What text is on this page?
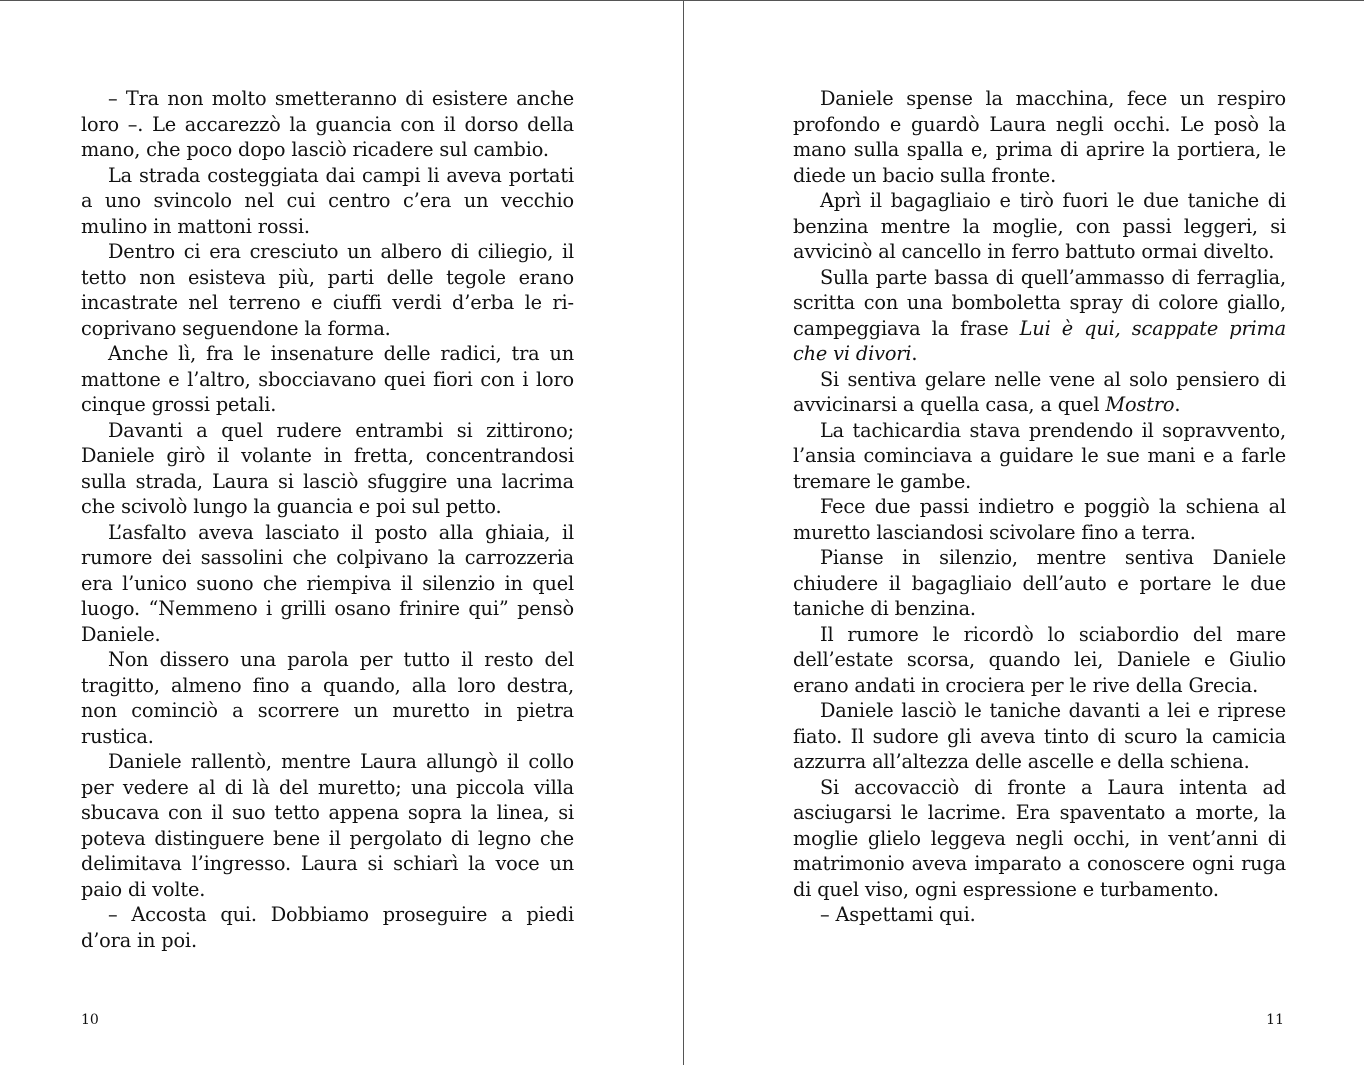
– Tra non molto smetteranno di esistere anche loro –. Le accarezzò la guancia con il dorso della mano, che poco dopo lasciò ricadere sul cambio.

La strada costeggiata dai campi li aveva portati a uno svincolo nel cui centro c’era un vecchio mulino in mattoni rossi.

Dentro ci era cresciuto un albero di ciliegio, il tetto non esisteva più, parti delle tegole erano incastrate nel terreno e ciuffi verdi d’erba le ricoprivano seguendone la forma.

Anche lì, fra le insenature delle radici, tra un mattone e l’altro, sbocciavano quei fiori con i loro cinque grossi petali.

Davanti a quel rudere entrambi si zittirono; Daniele girò il volante in fretta, concentrandosi sulla strada, Laura si lasciò sfuggire una lacrima che scivolò lungo la guancia e poi sul petto.

L’asfalto aveva lasciato il posto alla ghiaia, il rumore dei sassolini che colpivano la carrozzeria era l’unico suono che riempiva il silenzio in quel luogo. “Nemmeno i grilli osano frinire qui” pensò Daniele.

Non dissero una parola per tutto il resto del tragitto, almeno fino a quando, alla loro destra, non cominciò a scorrere un muretto in pietra rustica.

Daniele rallentò, mentre Laura allungò il collo per vedere al di là del muretto; una piccola villa sbucava con il suo tetto appena sopra la linea, si poteva distinguere bene il pergolato di legno che delimitava l’ingresso. Laura si schiarì la voce un paio di volte.

– Accosta qui. Dobbiamo proseguire a piedi d’ora in poi.

10

Daniele spense la macchina, fece un respiro profondo e guardò Laura negli occhi. Le posò la mano sulla spalla e, prima di aprire la portiera, le diede un bacio sulla fronte.

Aprì il bagagliaio e tirò fuori le due taniche di benzina mentre la moglie, con passi leggeri, si avvicinò al cancello in ferro battuto ormai divelto.

Sulla parte bassa di quell’ammasso di ferraglia, scritta con una bomboletta spray di colore giallo, campeggiava la frase Lui è qui, scappate prima che vi divori.

Si sentiva gelare nelle vene al solo pensiero di avvicinarsi a quella casa, a quel Mostro.

La tachicardia stava prendendo il sopravvento, l’ansia cominciava a guidare le sue mani e a farle tremare le gambe.

Fece due passi indietro e poggiò la schiena al muretto lasciandosi scivolare fino a terra.

Pianse in silenzio, mentre sentiva Daniele chiudere il bagagliaio dell’auto e portare le due taniche di benzina.

Il rumore le ricordò lo sciabordio del mare dell’estate scorsa, quando lei, Daniele e Giulio erano andati in crociera per le rive della Grecia.

Daniele lasciò le taniche davanti a lei e riprese fiato. Il sudore gli aveva tinto di scuro la camicia azzurra all’altezza delle ascelle e della schiena.

Si accovacciò di fronte a Laura intenta ad asciugarsi le lacrime. Era spaventato a morte, la moglie glielo leggeva negli occhi, in vent’anni di matrimonio aveva imparato a conoscere ogni ruga di quel viso, ogni espressione e turbamento.

– Aspettami qui.

11
